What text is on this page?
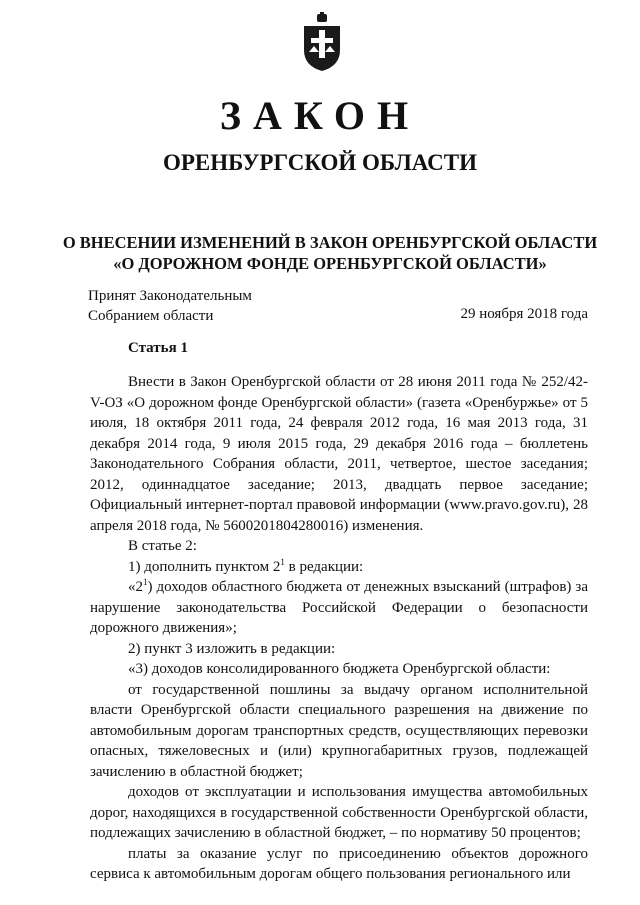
ЗАКОН
ОРЕНБУРГСКОЙ ОБЛАСТИ
О ВНЕСЕНИИ ИЗМЕНЕНИЙ В ЗАКОН ОРЕНБУРГСКОЙ ОБЛАСТИ
«О ДОРОЖНОМ ФОНДЕ ОРЕНБУРГСКОЙ ОБЛАСТИ»
Принят Законодательным
Собранием области	29 ноября 2018 года
Статья 1

Внести в Закон Оренбургской области от 28 июня 2011 года № 252/42-V-ОЗ «О дорожном фонде Оренбургской области» (газета «Оренбуржье» от 5 июля, 18 октября 2011 года, 24 февраля 2012 года, 16 мая 2013 года, 31 декабря 2014 года, 9 июля 2015 года, 29 декабря 2016 года – бюллетень Законодательного Собрания области, 2011, четвертое, шестое заседания; 2012, одиннадцатое заседание; 2013, двадцать первое заседание; Официальный интернет-портал правовой информации (www.pravo.gov.ru), 28 апреля 2018 года, № 5600201804280016) изменения.

В статье 2:

1) дополнить пунктом $2^1$ в редакции:

«$2^1$) доходов областного бюджета от денежных взысканий (штрафов) за нарушение законодательства Российской Федерации о безопасности дорожного движения»;

2) пункт 3 изложить в редакции:

«3) доходов консолидированного бюджета Оренбургской области:

от государственной пошлины за выдачу органом исполнительной власти Оренбургской области специального разрешения на движение по автомобильным дорогам транспортных средств, осуществляющих перевозки опасных, тяжеловесных и (или) крупногабаритных грузов, подлежащей зачислению в областной бюджет;

доходов от эксплуатации и использования имущества автомобильных дорог, находящихся в государственной собственности Оренбургской области, подлежащих зачислению в областной бюджет, – по нормативу 50 процентов;

платы за оказание услуг по присоединению объектов дорожного сервиса к автомобильным дорогам общего пользования регионального или
